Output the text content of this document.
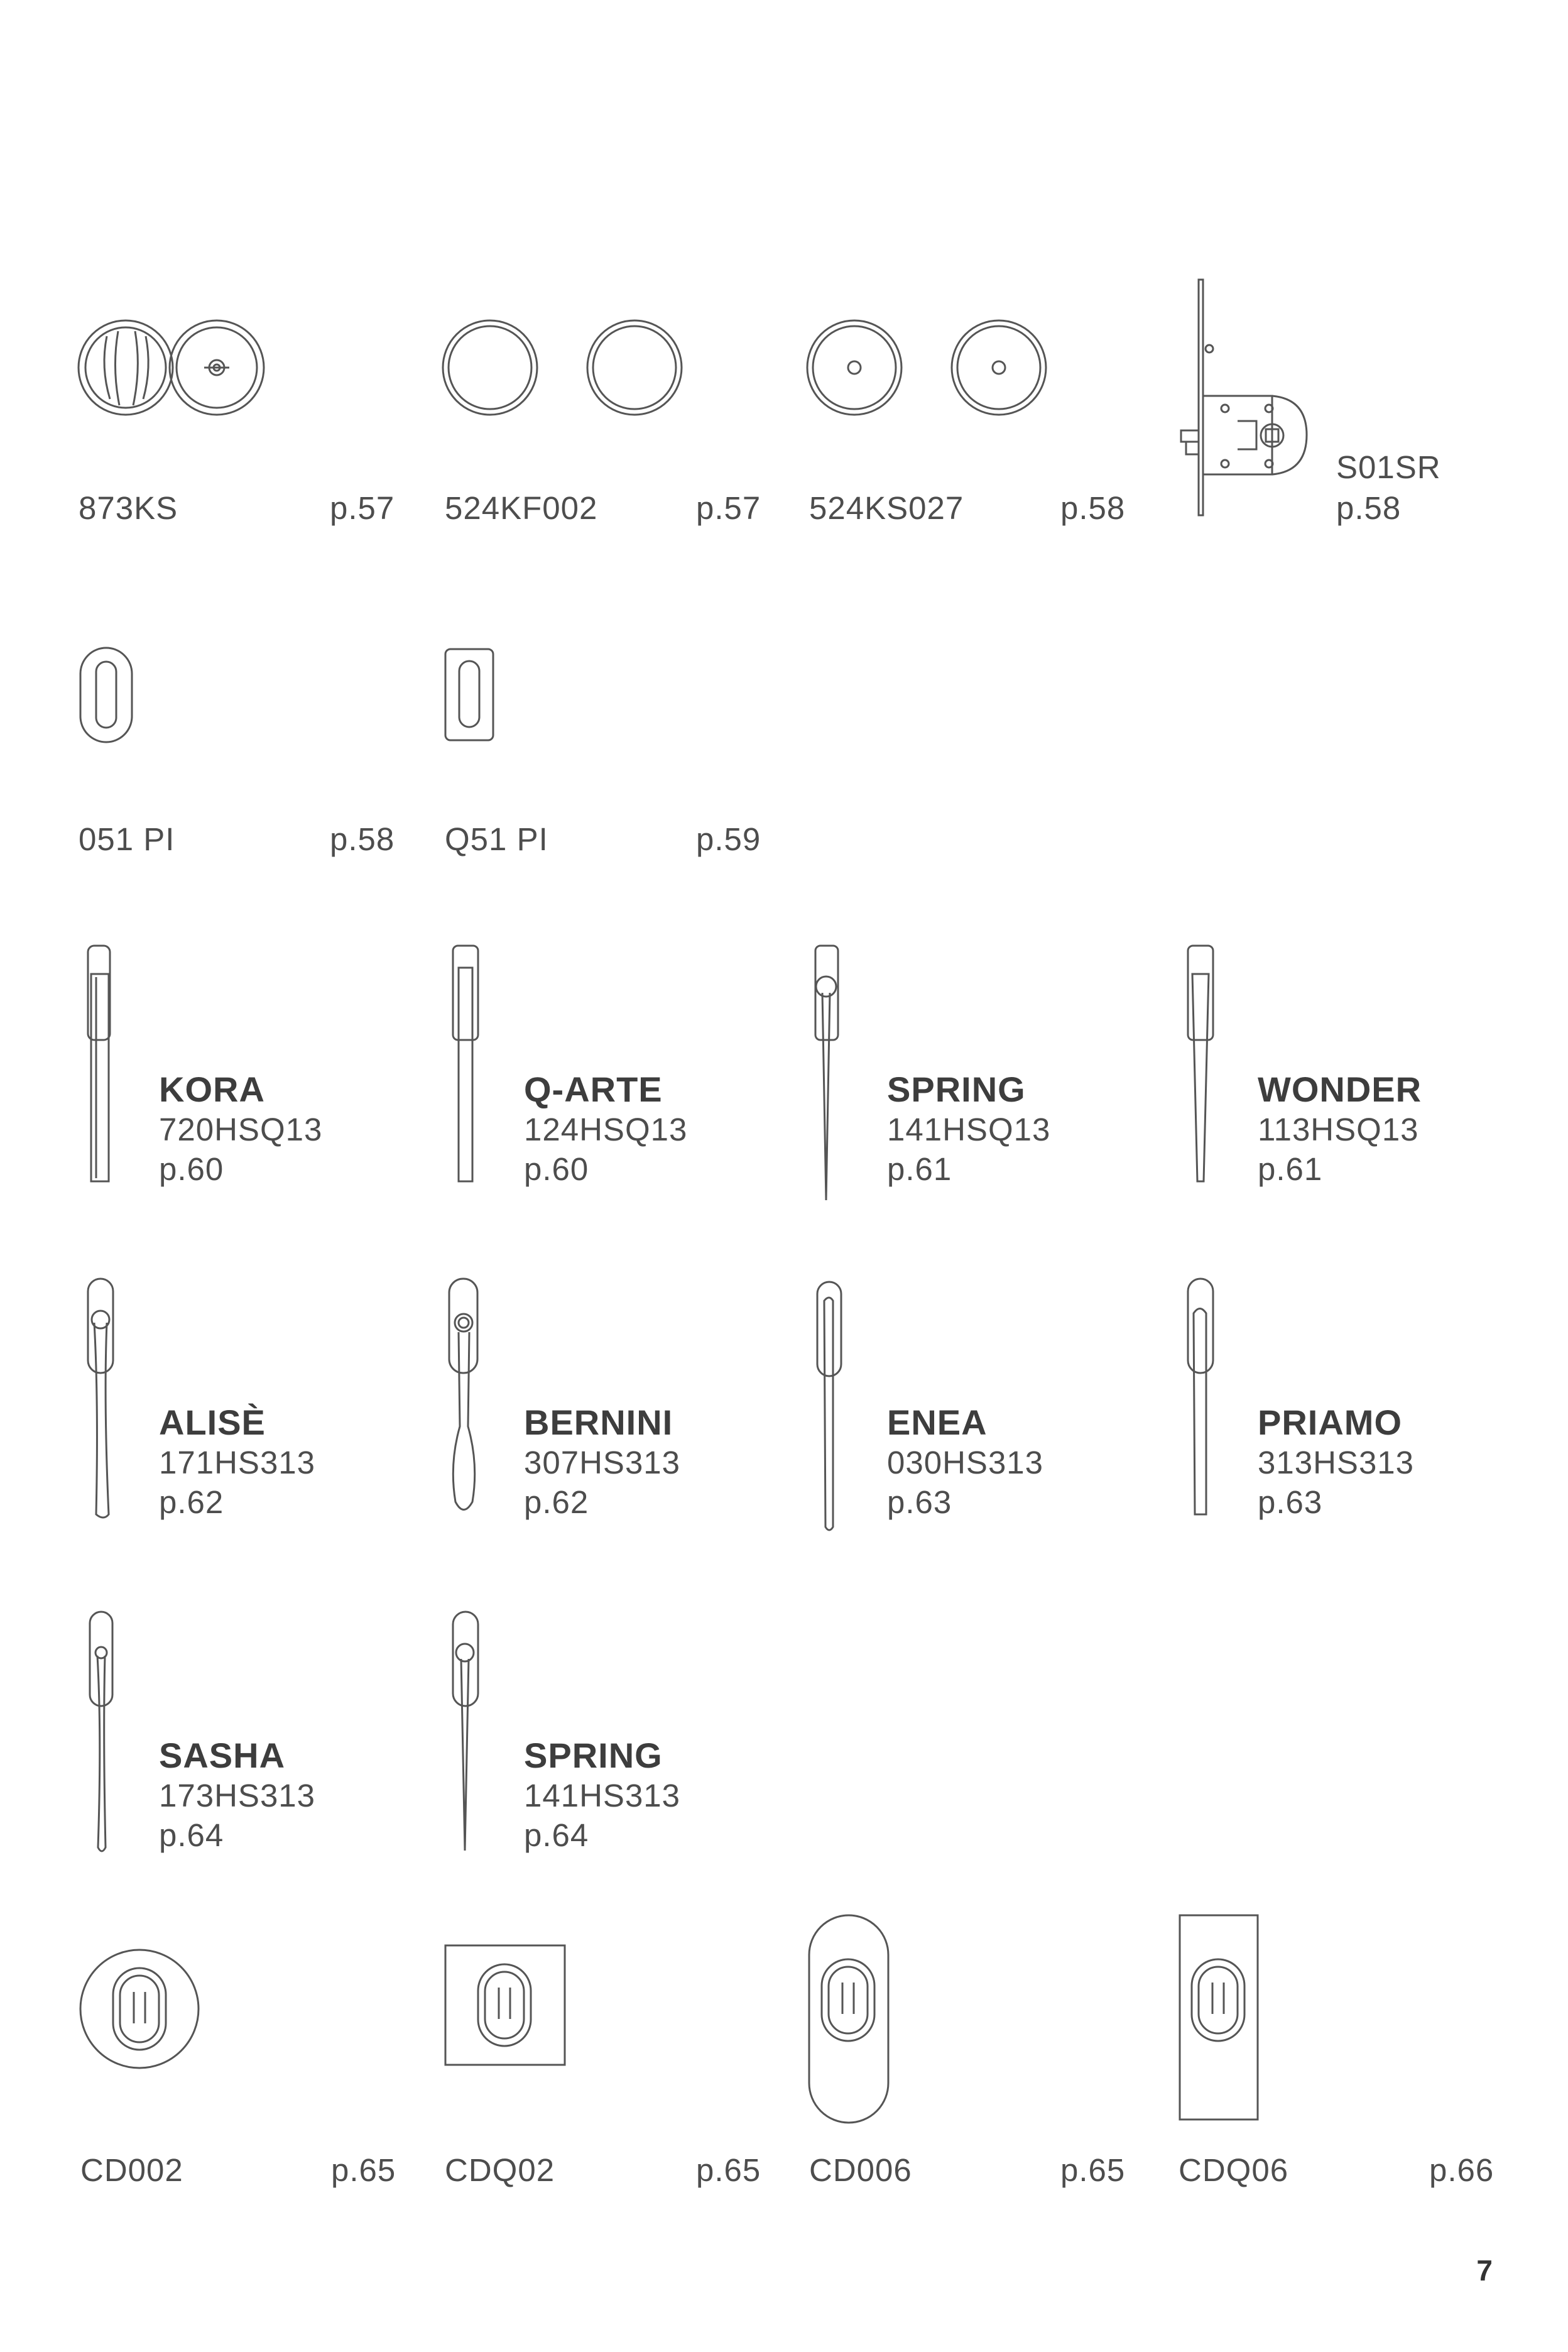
873KS	p.57 524KF002	p.57 524KS027	p.58
S01SR
p.58
051 PI	p.58 Q51 PI	p.59
KORA
720HSQ13
p.60
Q-ARTE
124HSQ13
p.60
SPRING
141HSQ13
p.61
WONDER
113HSQ13
p.61
ALISÈ
171HS313
p.62
BERNINI
307HS313
p.62
ENEA
030HS313
p.63
PRIAMO
313HS313
p.63
SASHA
173HS313
p.64
SPRING
141HS313
p.64
CD002	p.65 CDQ02	p.65 CD006	p.65 CDQ06	p.66
7
